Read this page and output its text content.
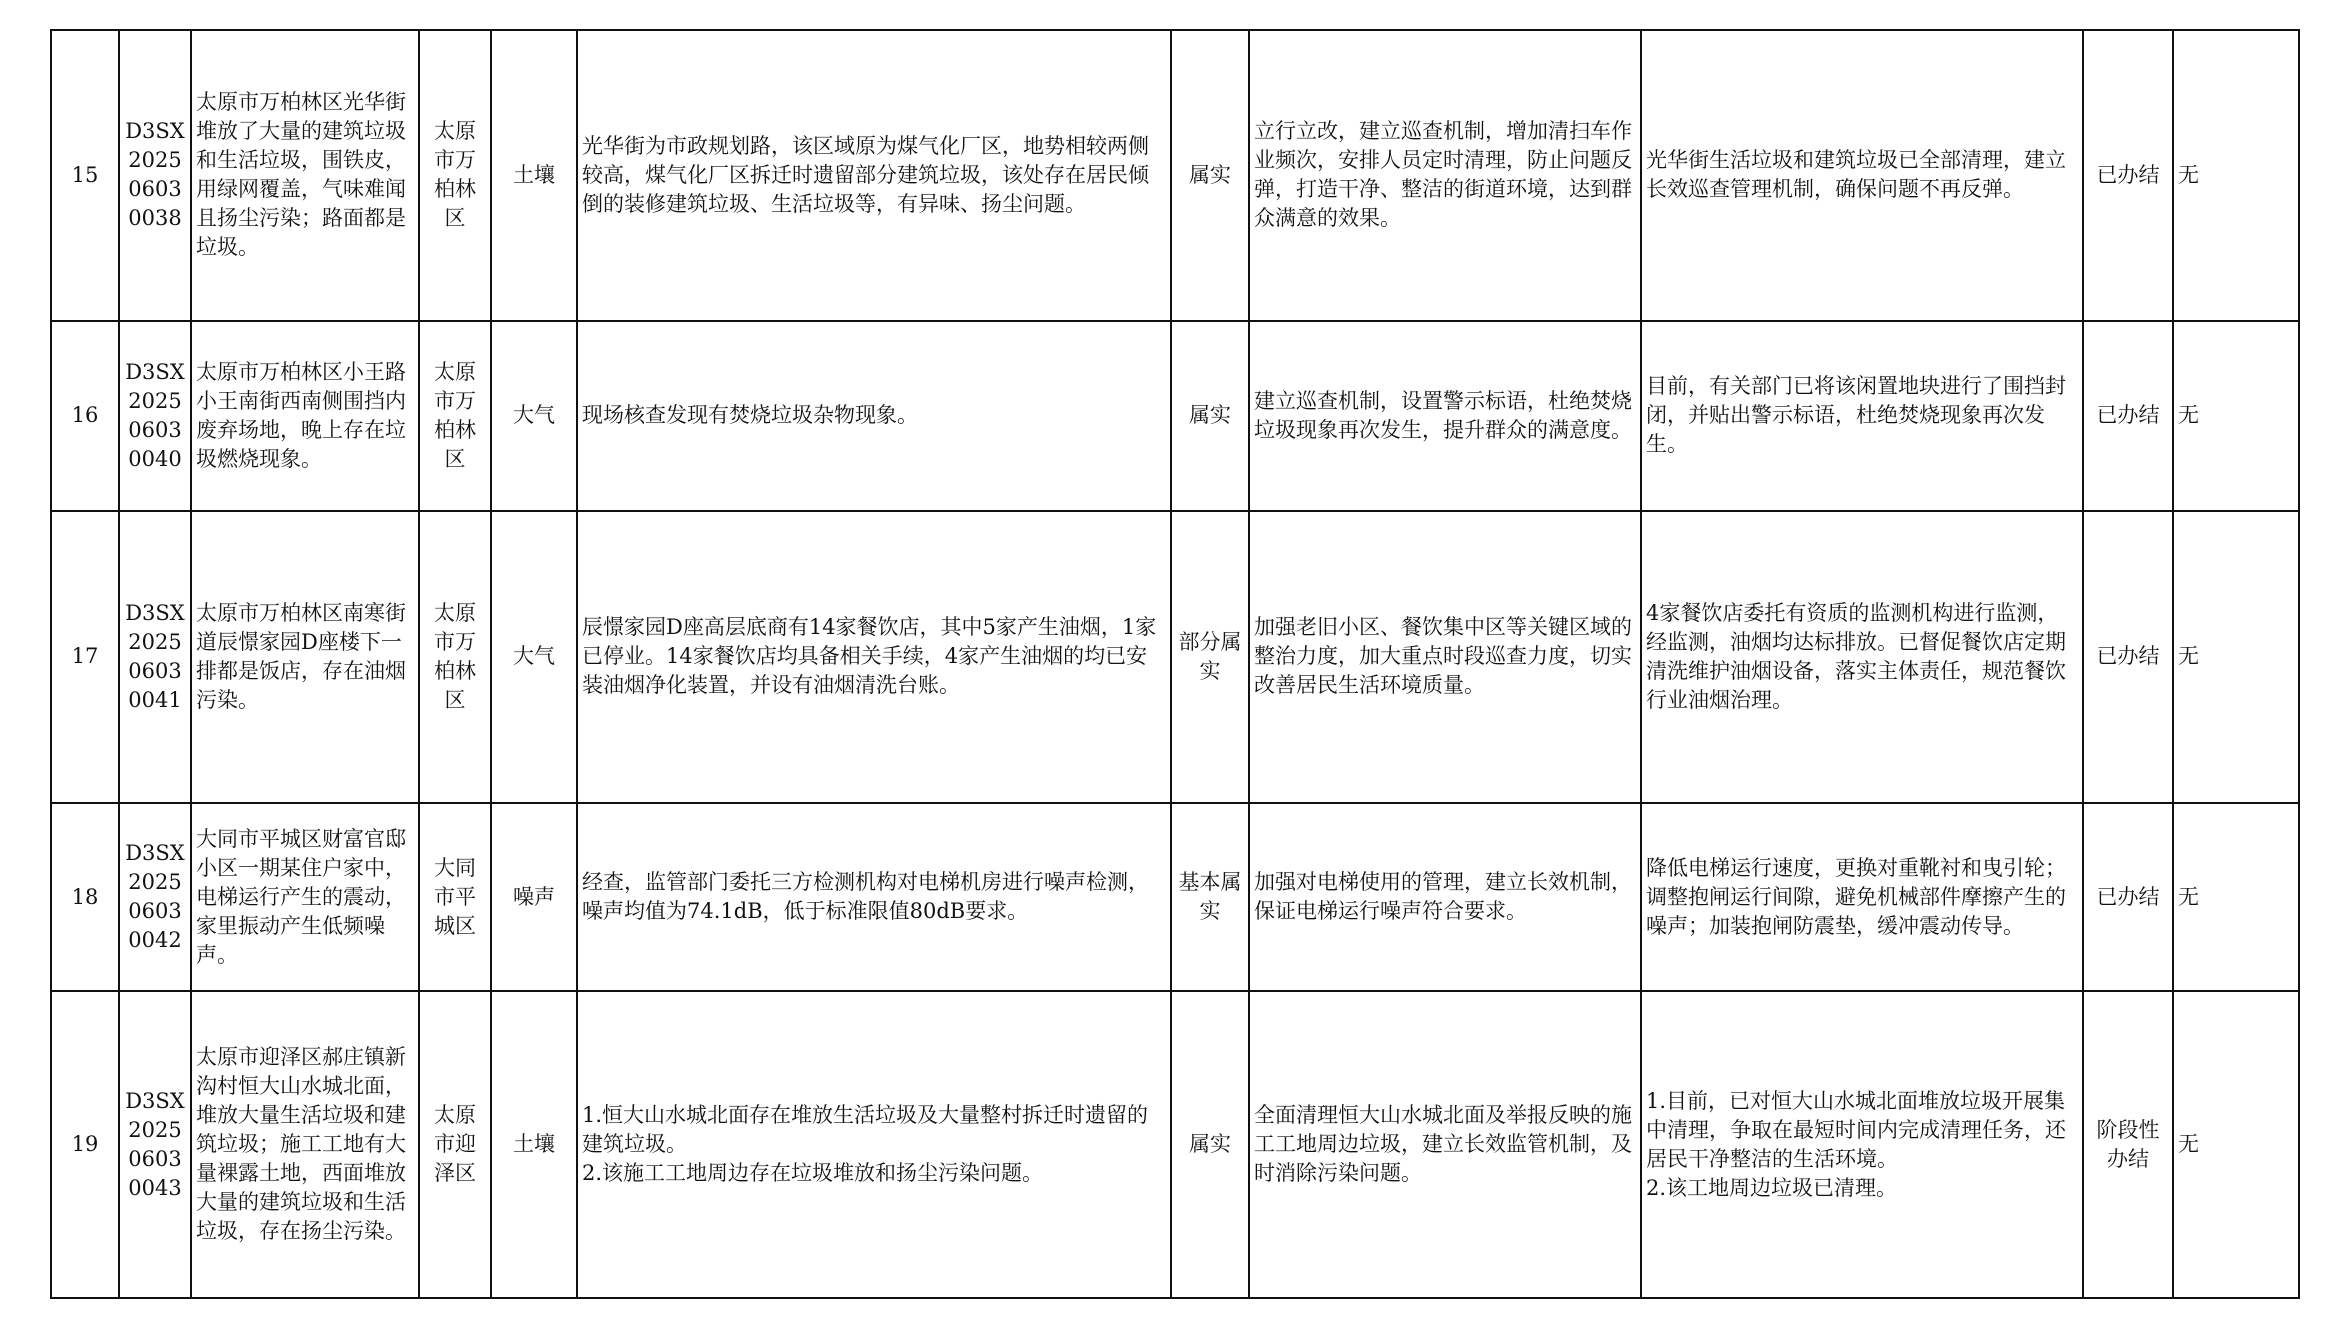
15	D3SX202506030038	太原市万柏林区光华街堆放了大量的建筑垃圾和生活垃圾，围铁皮，用绿网覆盖，气味难闻且扬尘污染；路面都是垃圾。	太原市万柏林区	土壤	光华街为市政规划路，该区域原为煤气化厂区，地势相较两侧较高，煤气化厂区拆迁时遗留部分建筑垃圾，该处存在居民倾倒的装修建筑垃圾、生活垃圾等，有异味、扬尘问题。	属实	立行立改，建立巡查机制，增加清扫车作业频次，安排人员定时清理，防止问题反弹，打造干净、整洁的街道环境，达到群众满意的效果。	光华街生活垃圾和建筑垃圾已全部清理，建立长效巡查管理机制，确保问题不再反弹。	已办结	无
16	D3SX202506030040	太原市万柏林区小王路小王南街西南侧围挡内废弃场地，晚上存在垃圾燃烧现象。	太原市万柏林区	大气	现场核查发现有焚烧垃圾杂物现象。	属实	建立巡查机制，设置警示标语，杜绝焚烧垃圾现象再次发生，提升群众的满意度。	目前，有关部门已将该闲置地块进行了围挡封闭，并贴出警示标语，杜绝焚烧现象再次发生。	已办结	无
17	D3SX202506030041	太原市万柏林区南寒街道辰憬家园D座楼下一排都是饭店，存在油烟污染。	太原市万柏林区	大气	辰憬家园D座高层底商有14家餐饮店，其中5家产生油烟，1家已停业。14家餐饮店均具备相关手续，4家产生油烟的均已安装油烟净化装置，并设有油烟清洗台账。	部分属实	加强老旧小区、餐饮集中区等关键区域的整治力度，加大重点时段巡查力度，切实改善居民生活环境质量。	4家餐饮店委托有资质的监测机构进行监测，经监测，油烟均达标排放。已督促餐饮店定期清洗维护油烟设备，落实主体责任，规范餐饮行业油烟治理。	已办结	无
18	D3SX202506030042	大同市平城区财富官邸小区一期某住户家中，电梯运行产生的震动，家里振动产生低频噪声。	大同市平城区	噪声	经查，监管部门委托三方检测机构对电梯机房进行噪声检测，噪声均值为74.1dB，低于标准限值80dB要求。	基本属实	加强对电梯使用的管理，建立长效机制，保证电梯运行噪声符合要求。	降低电梯运行速度，更换对重靴衬和曳引轮；调整抱闸运行间隙，避免机械部件摩擦产生的噪声；加装抱闸防震垫，缓冲震动传导。	已办结	无
19	D3SX202506030043	太原市迎泽区郝庄镇新沟村恒大山水城北面，堆放大量生活垃圾和建筑垃圾；施工工地有大量裸露土地，西面堆放大量的建筑垃圾和生活垃圾，存在扬尘污染。	太原市迎泽区	土壤	1.恒大山水城北面存在堆放生活垃圾及大量整村拆迁时遗留的建筑垃圾。
2.该施工工地周边存在垃圾堆放和扬尘污染问题。	属实	全面清理恒大山水城北面及举报反映的施工工地周边垃圾，建立长效监管机制，及时消除污染问题。	1.目前，已对恒大山水城北面堆放垃圾开展集中清理，争取在最短时间内完成清理任务，还居民干净整洁的生活环境。
2.该工地周边垃圾已清理。	阶段性办结	无
